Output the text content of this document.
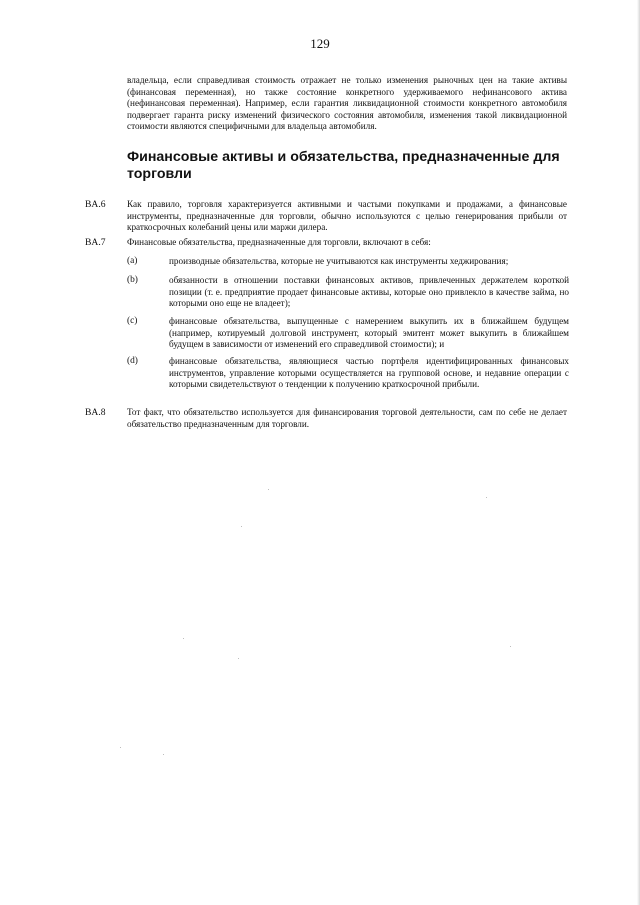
129

владельца, если справедливая стоимость отражает не только изменения рыночных цен на такие активы (финансовая переменная), но также состояние конкретного удерживаемого нефинансового актива (нефинансовая переменная). Например, если гарантия ликвидационной стоимости конкретного автомобиля подвергает гаранта риску изменений физического состояния автомобиля, изменения такой ликвидационной стоимости являются специфичными для владельца автомобиля.

Финансовые активы и обязательства, предназначенные для торговли
BA.6 Как правило, торговля характеризуется активными и частыми покупками и продажами, а финансовые инструменты, предназначенные для торговли, обычно используются с целью генерирования прибыли от краткосрочных колебаний цены или маржи дилера.

BA.7 Финансовые обязательства, предназначенные для торговли, включают в себя:

(a)	производные обязательства, которые не учитываются как инструменты хеджирования;

(b)	обязанности в отношении поставки финансовых активов, привлеченных держателем короткой позиции (т. е. предприятие продает финансовые активы, которые оно привлекло в качестве займа, но которыми оно еще не владеет);

(c)	финансовые обязательства, выпущенные с намерением выкупить их в ближайшем будущем (например, котируемый долговой инструмент, который эмитент может выкупить в ближайшем будущем в зависимости от изменений его справедливой стоимости); и

(d)	финансовые обязательства, являющиеся частью портфеля идентифицированных финансовых инструментов, управление которыми осуществляется на групповой основе, и недавние операции с которыми свидетельствуют о тенденции к получению краткосрочной прибыли.

BA.8 Тот факт, что обязательство используется для финансирования торговой деятельности, сам по себе не делает обязательство предназначенным для торговли.
